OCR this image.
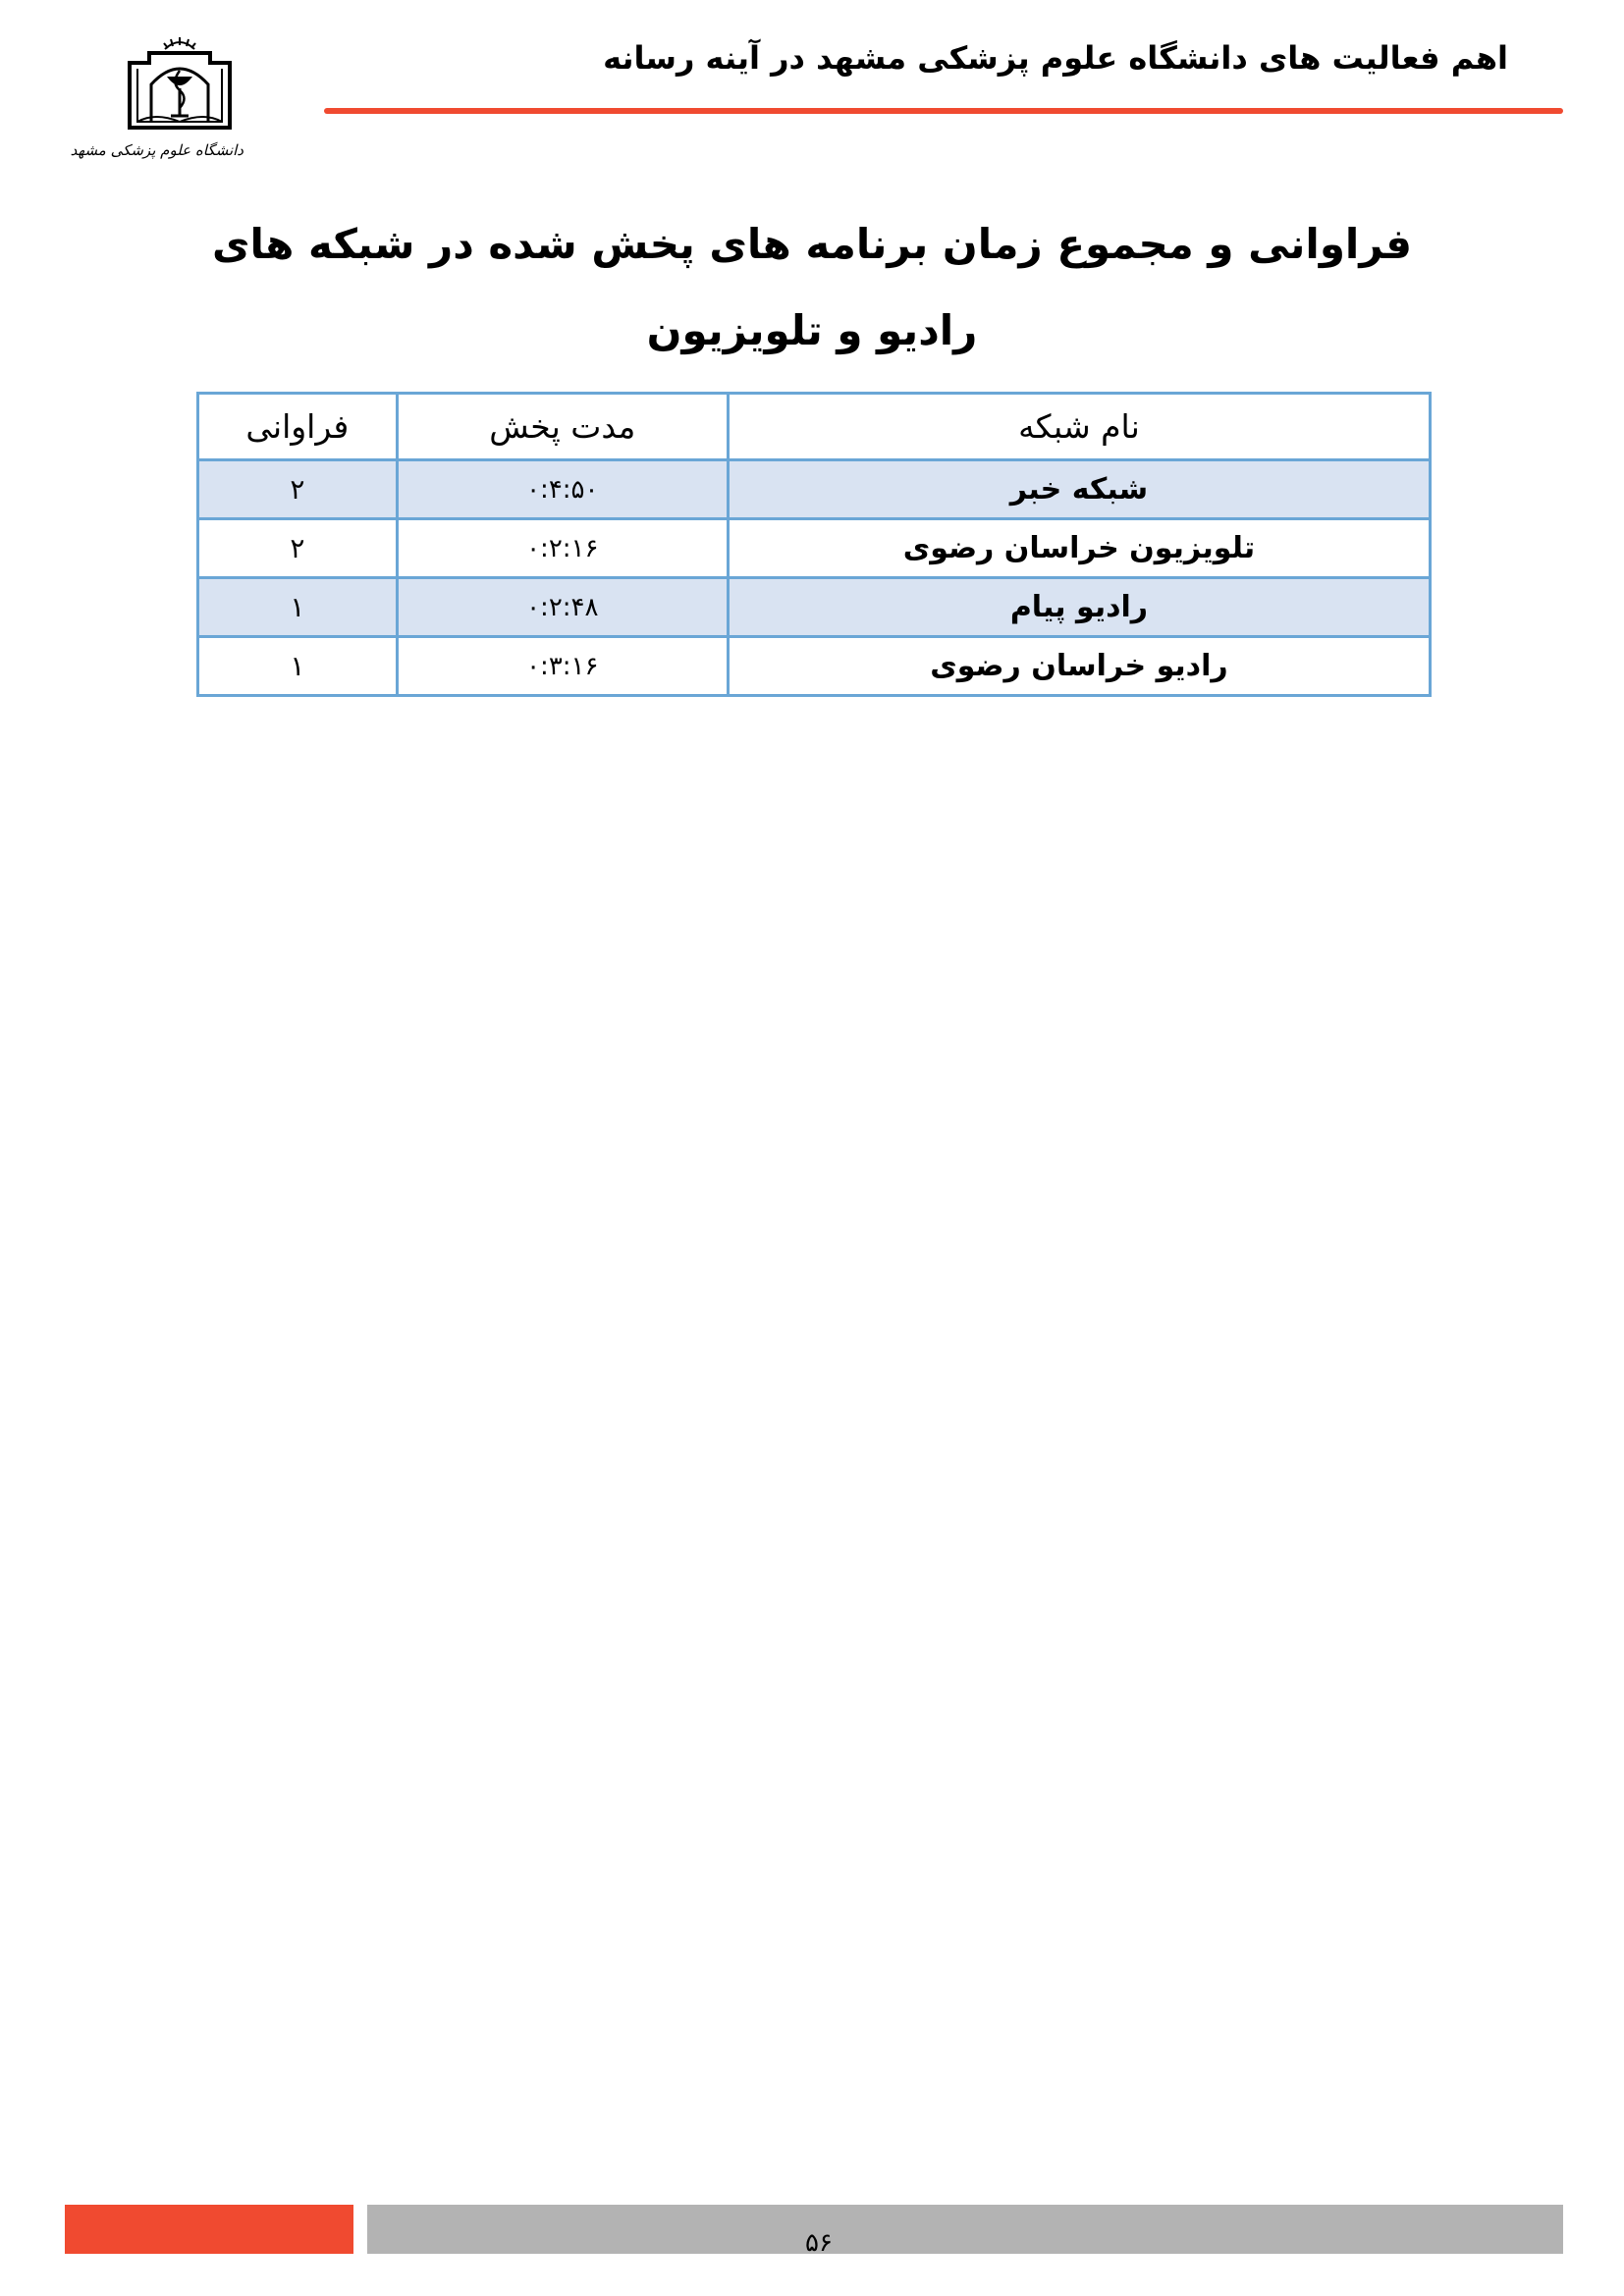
اهم فعالیت های دانشگاه علوم پزشکی مشهد در آینه رسانه
دانشگاه علوم پزشکی مشهد
فراوانی و مجموع زمان برنامه های پخش شده در شبکه های رادیو و تلویزیون
نام شبکه	مدت پخش	فراوانی
شبکه خبر	۰:۴:۵۰	۲
تلویزیون خراسان رضوی	۰:۲:۱۶	۲
رادیو پیام	۰:۲:۴۸	۱
رادیو خراسان رضوی	۰:۳:۱۶	۱
۵۶
